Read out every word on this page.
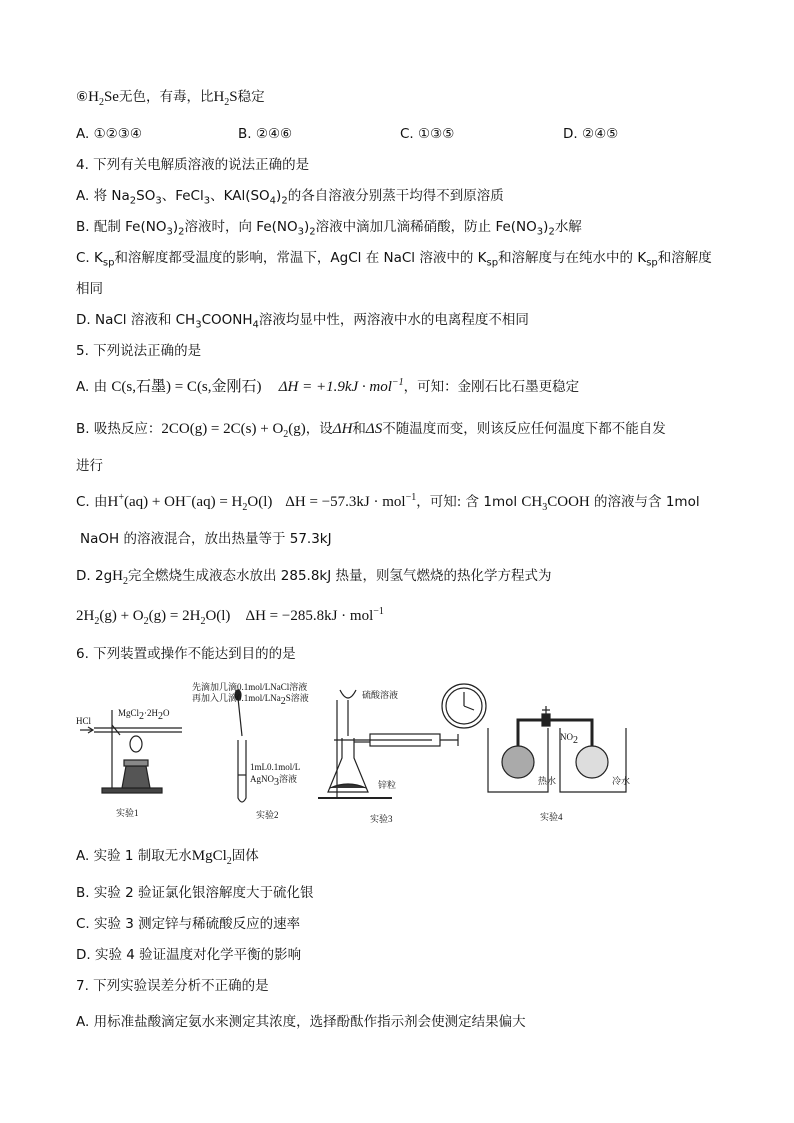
$⑥H_2Se$无色，有毒，比$H_2S$稳定
A. ①②③④	B. ②④⑥	C. ①③⑤	D. ②④⑤
4. 下列有关电解质溶液的说法正确的是
A. 将 $Na_2SO_3$、FeCl$_3$、$KAl(SO_4)_2$的各自溶液分别蒸干均得不到原溶质
B. 配制 $Fe(NO_3)_2$溶液时，向 $Fe(NO_3)_2$溶液中滴加几滴稀硝酸，防止 $Fe(NO_3)_2$水解
C. $K_{sp}$和溶解度都受温度的影响，常温下，AgCl 在 NaCl 溶液中的 $K_{sp}$和溶解度与在纯水中的 $K_{sp}$和溶解度
相同
D. NaCl 溶液和 $CH_3COONH_4$溶液均显中性，两溶液中水的电离程度不相同
5. 下列说法正确的是
A. 由 C(s,石墨) = C(s,金刚石) ΔH = +1.9kJ · mol$^{-1}$，可知：金刚石比石墨更稳定
B. 吸热反应：$2CO(g) = 2C(s) + O_2(g)$，设ΔH和ΔS不随温度而变，则该反应任何温度下都不能自发
进行
C. 由$H^+(aq) + OH^-(aq) = H_2O(l) \Delta H = -57.3kJ \cdot mol^{-1}$，可知: 含 1mol $CH_3COOH$ 的溶液与含 1mol
NaOH 的溶液混合，放出热量等于 57.3kJ
D. $2gH_2$完全燃烧生成液态水放出 285.8kJ 热量，则氢气燃烧的热化学方程式为
$2H_2(g) + O_2(g) = 2H_2O(l) \Delta H = -285.8kJ \cdot mol^{-1}$
6. 下列装置或操作不能达到目的的是
HCl
$MgCl_2\cdot 2H_2O$
实验1
先滴加几滴0.1mol/LNaCl溶液
再加入几滴0.1mol/LNa$_2$S溶液
1mL0.1mol/L
AgNO$_3$溶液
实验2
硫酸溶液
锌粒
实验3
$NO_2$
热水	冷水
实验4
A. 实验 1 制取无水MgCl$_2$固体
B. 实验 2 验证氯化银溶解度大于硫化银
C. 实验 3 测定锌与稀硫酸反应的速率
D. 实验 4 验证温度对化学平衡的影响
7. 下列实验误差分析不正确的是
A. 用标准盐酸滴定氨水来测定其浓度，选择酚酞作指示剂会使测定结果偏大
